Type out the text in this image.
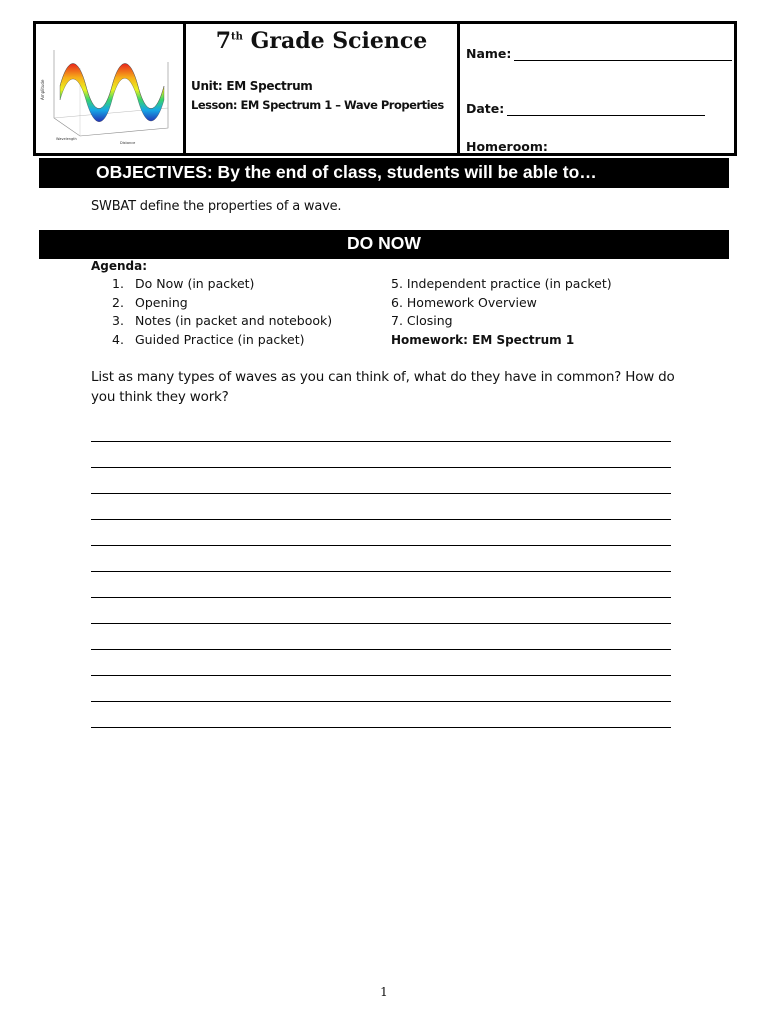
Amplitude
Wavelength
Distance
7th Grade Science
Unit: EM Spectrum
Lesson: EM Spectrum 1 – Wave Properties
Name:
Date:
Homeroom:
OBJECTIVES: By the end of class, students will be able to…
SWBAT define the properties of a wave.
DO NOW
Agenda:
1. Do Now (in packet)
2. Opening
3. Notes (in packet and notebook)
4. Guided Practice (in packet)
5. Independent practice (in packet)
6. Homework Overview
7. Closing
Homework: EM Spectrum 1
List as many types of waves as you can think of, what do they have in common? How do you think they work?
1
